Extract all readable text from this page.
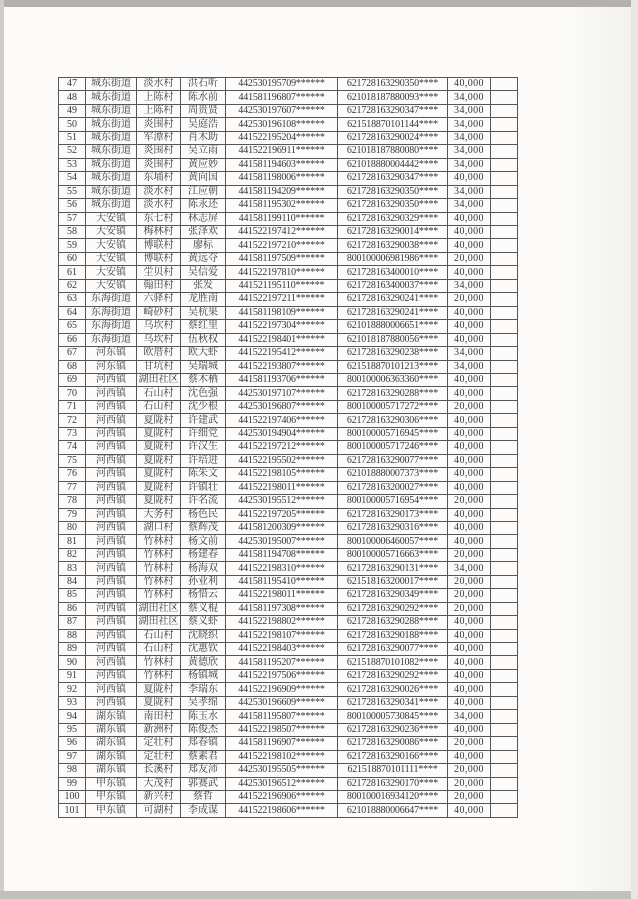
47	城东街道	淡水村	洪石听	442530195709******	621728163290350****	40,000	
48	城东街道	上陈村	陈水前	441581196807******	621018187880093****	34,000	
49	城东街道	上陈村	周贵贤	442530197607******	621728163290347****	34,000	
50	城东街道	炎围村	吴庭浩	442530196108******	621518870101144****	34,000	
51	城东街道	军潭村	肖木助	441522195204******	621728163290024****	34,000	
52	城东街道	炎围村	吴立雨	441522196911******	621018187880080****	34,000	
53	城东街道	炎围村	黄应妙	441581194603******	621018880004442****	34,000	
54	城东街道	东埔村	黄向国	441581198006******	621728163290347****	40,000	
55	城东街道	淡水村	江应朝	441581194209******	621728163290350****	34,000	
56	城东街道	淡水村	陈永还	441581195302******	621728163290350****	34,000	
57	大安镇	东七村	林志屏	441581199110******	621728163290329****	40,000	
58	大安镇	梅林村	张泽欢	441522197412******	621728163290014****	40,000	
59	大安镇	博联村	廖标	441522197210******	621728163290038****	40,000	
60	大安镇	博联村	黄远夺	441581197509******	800100006981986****	20,000	
61	大安镇	坣贝村	吴信爱	441522197810******	621728163400010****	40,000	
62	大安镇	翰田村	张发	441521195110******	621728163400037****	34,000	
63	东海街道	六驿村	龙胜南	441522197211******	621728163290241****	20,000	
64	东海街道	崎砂村	吴杭果	441581198109******	621728163290241****	40,000	
65	东海街道	乌坎村	蔡红里	441522197304******	621018880006651****	40,000	
66	东海街道	乌坎村	伍秋权	441522198401******	621018187880056****	40,000	
67	河东镇	欧厝村	欧大虾	441522195412******	621728163290238****	34,000	
68	河东镇	甘坑村	吴瑞城	441522193807******	621518870101213****	34,000	
69	河西镇	湖田社区	蔡木栖	441581193706******	800100006363360****	40,000	
70	河西镇	石山村	沈色强	442530197107******	621728163290288****	40,000	
71	河西镇	石山村	沈少根	442530196807******	800100005717272****	20,000	
72	河西镇	夏陇村	许建武	441522197406******	621728163290306****	40,000	
73	河西镇	夏陇村	许细党	442530194904******	800100005716945****	40,000	
74	河西镇	夏陇村	许汉生	441522197212******	800100005717246****	40,000	
75	河西镇	夏陇村	许培进	441522195502******	621728163290077****	40,000	
76	河西镇	夏陇村	陈朱文	441522198105******	621018880007373****	40,000	
77	河西镇	夏陇村	许镇壮	441522198011******	621728163200027****	40,000	
78	河西镇	夏陇村	许名流	442530195512******	800100005716954****	20,000	
79	河西镇	大务村	杨色民	441522197205******	621728163290173****	40,000	
80	河西镇	湖口村	蔡辉茂	441581200309******	621728163290316****	40,000	
81	河西镇	竹林村	杨文前	442530195007******	800100006460057****	40,000	
82	河西镇	竹林村	杨建春	441581194708******	800100005716663****	20,000	
83	河西镇	竹林村	杨海双	441522198310******	621728163290131****	34,000	
84	河西镇	竹林村	孙业利	441581195410******	621518163200017****	20,000	
85	河西镇	竹林村	杨惜云	441522198011******	621728163290349****	20,000	
86	河西镇	湖田社区	蔡义棍	441581197308******	621728163290292****	20,000	
87	河西镇	湖田社区	蔡义虾	441522198802******	621728163290288****	40,000	
88	河西镇	石山村	沈晓织	441522198107******	621728163290188****	40,000	
89	河西镇	石山村	沈惠钦	441522198403******	621728163290077****	40,000	
90	河西镇	竹林村	黄德欣	441581195207******	621518870101082****	40,000	
91	河西镇	竹林村	杨镇城	441522197506******	621728163290292****	40,000	
92	河西镇	夏陇村	李瑞东	441522196909******	621728163290026****	40,000	
93	河西镇	夏陇村	吴孝绵	442530196609******	621728163290341****	40,000	
94	湖东镇	南田村	陈玉水	441581195807******	800100005730845****	34,000	
95	湖东镇	新洲村	陈俊杰	441522198507******	621728163290236****	40,000	
96	湖东镇	定壮村	郑春镇	441581196907******	621728163290086****	20,000	
97	湖东镇	定壮村	蔡素君	441522198102******	621728163290166****	40,000	
98	湖东镇	长溪村	郑友沛	442530195505******	621518870101111****	20,000	
99	甲东镇	大茂村	郭赛武	442530196512******	621728163290170****	20,000	
100	甲东镇	新兴村	蔡哲	441522196906******	800100016934120****	20,000	
101	甲东镇	可湖村	李成谋	441522198606******	621018880006647****	40,000	
